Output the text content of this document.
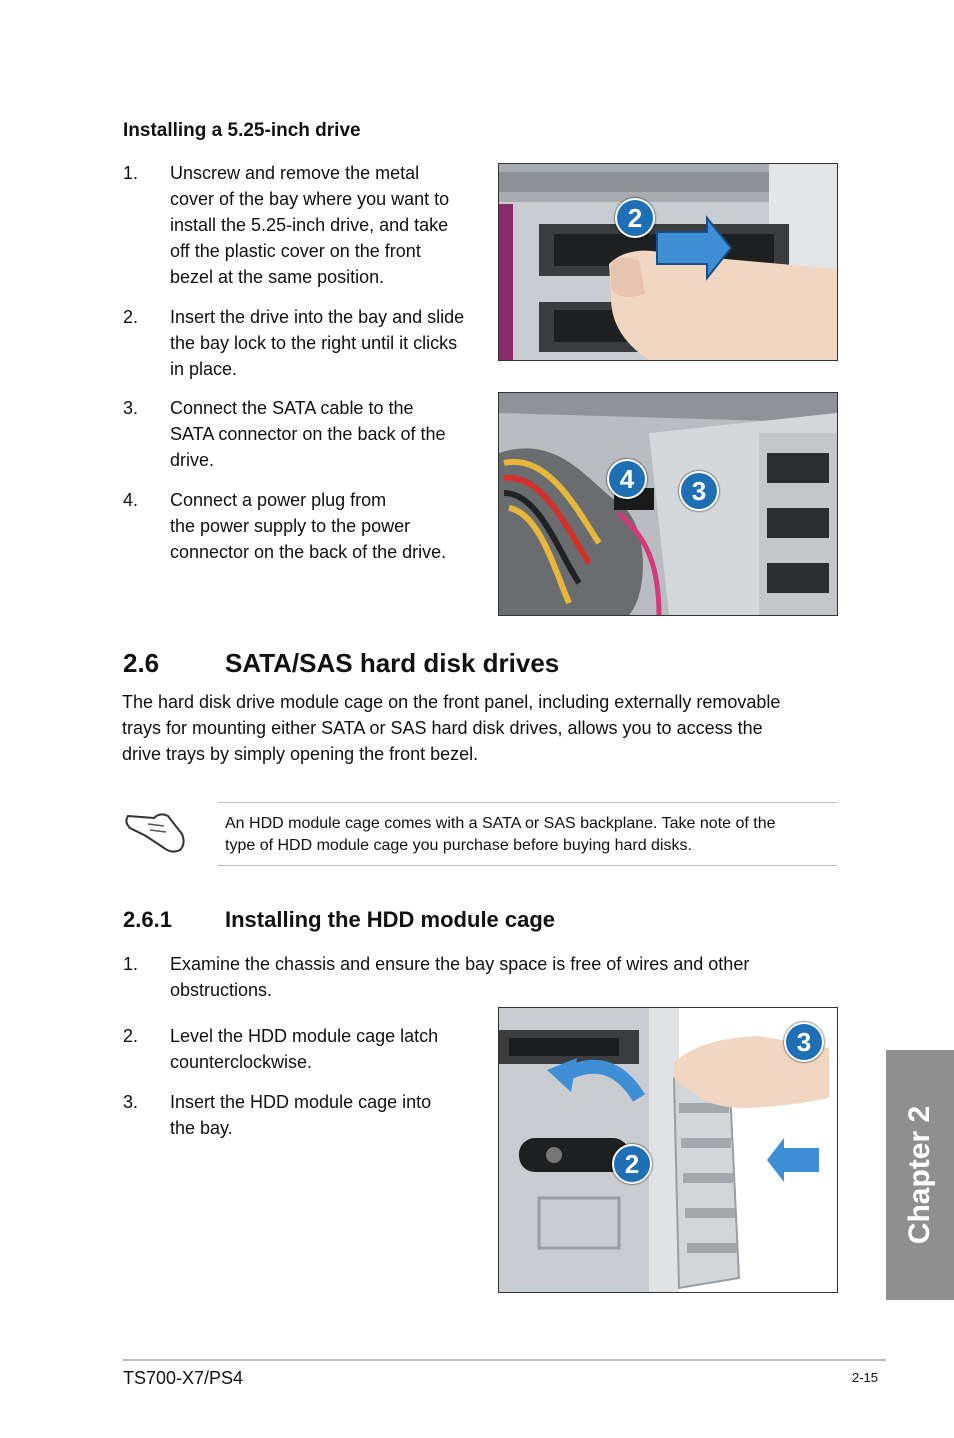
Installing a 5.25-inch drive
1.	Unscrew and remove the metal
cover of the bay where you want to
install the 5.25-inch drive, and take
off the plastic cover on the front
bezel at the same position.
2.	Insert the drive into the bay and slide
the bay lock to the right until it clicks
in place.
3.	Connect the SATA cable to the
SATA connector on the back of the
drive.
4.	Connect a power plug from
the power supply to the power
connector on the back of the drive.
2
4	3
2.6	SATA/SAS hard disk drives
The hard disk drive module cage on the front panel, including externally removable
trays for mounting either SATA or SAS hard disk drives, allows you to access the
drive trays by simply opening the front bezel.
An HDD module cage comes with a SATA or SAS backplane. Take note of the
type of HDD module cage you purchase before buying hard disks.
2.6.1 Installing the HDD module cage
1.	Examine the chassis and ensure the bay space is free of wires and other
obstructions.
2.	Level the HDD module cage latch
counterclockwise.
3.	Insert the HDD module cage into
the bay.
3
2	Chapter 2
TS700-X7/PS4	2-15
